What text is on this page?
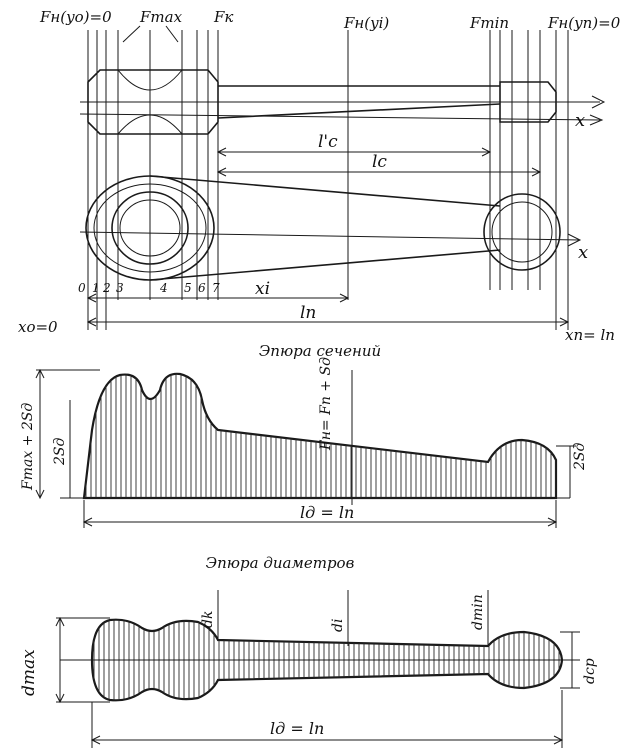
Fн(yо)=0 Fmax Fк	Fн(yi)	Fmin	Fн(yп)=0
x
x
l'c
lc
xi
ln
xо=0	xп= ln
0 1 2 3	4 5 6 7
Эпюра сечений
Fmax + 2Sд 2Sд
Fн= Fn + Sд
2Sд
lд = ln
Эпюра диаметров
dmax
dk	di	dmin
dcp
lд = lп
